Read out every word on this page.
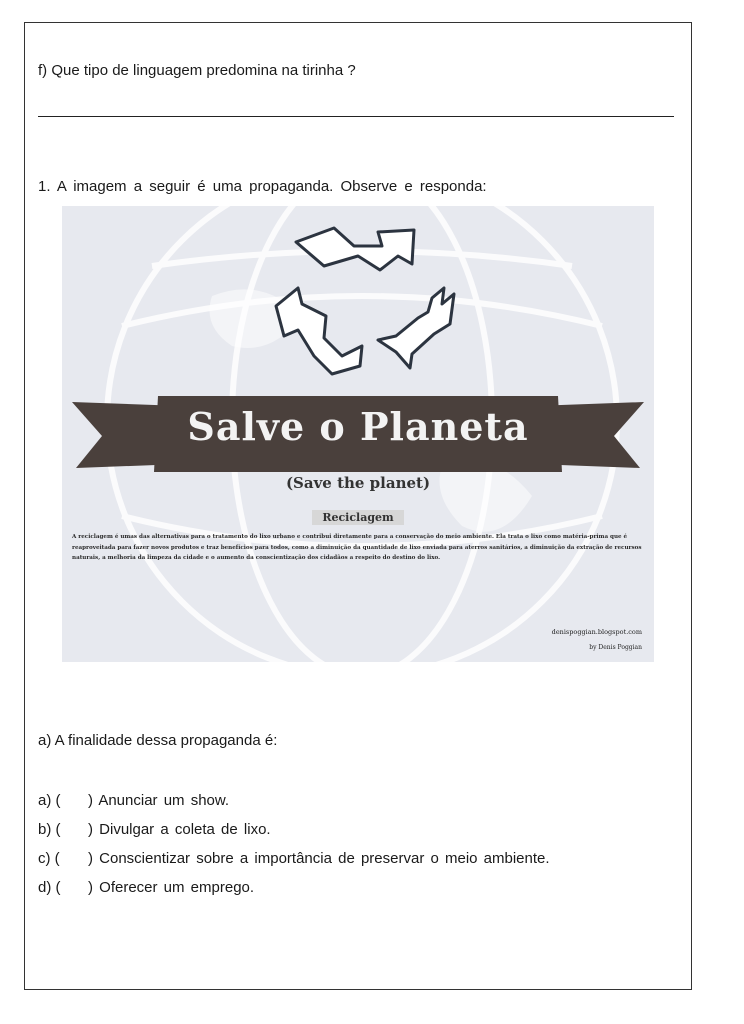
f) Que tipo de linguagem predomina na tirinha ?
1. A imagem a seguir é uma propaganda. Observe e responda:
Salve o Planeta
(Save the planet)
Reciclagem
A reciclagem é umas das alternativas para o tratamento do lixo urbano e contribui diretamente para a conservação do meio ambiente. Ela trata o lixo como matéria-prima que é reaproveitada para fazer novos produtos e traz benefícios para todos, como a diminuição da quantidade de lixo enviada para aterros sanitários, a diminuição da extração de recursos naturais, a melhoria da limpeza da cidade e o aumento da conscientização dos cidadãos a respeito do destino do lixo.
denispoggian.blogspot.com
by Denis Poggian
a) A finalidade dessa propaganda é:
a) ( ) Anunciar um show.
b) ( ) Divulgar a coleta de lixo.
c) ( ) Conscientizar sobre a importância de preservar o meio ambiente.
d) ( ) Oferecer um emprego.
